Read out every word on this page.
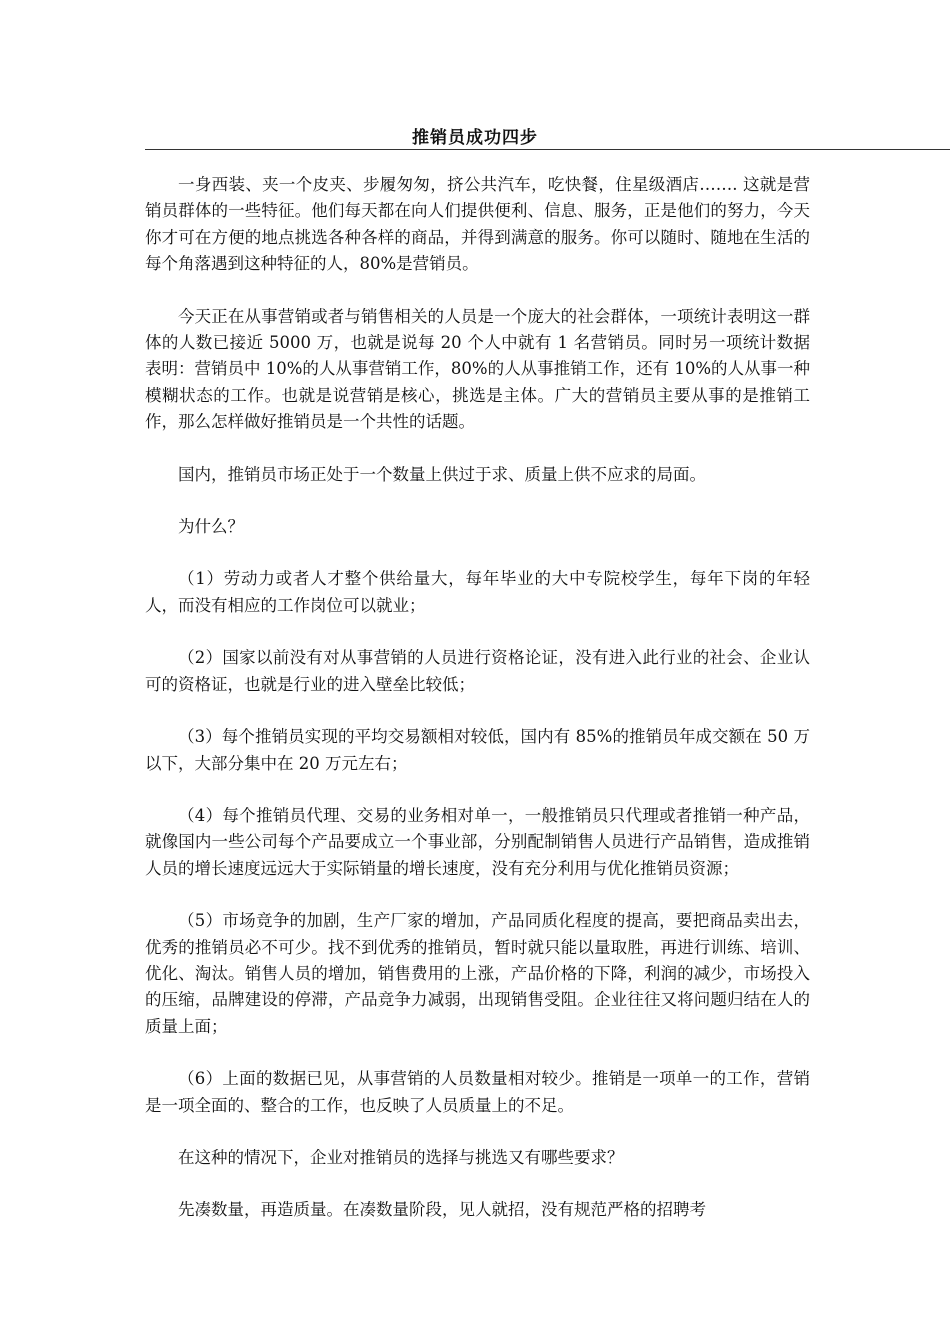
推销员成功四步

一身西装、夹一个皮夹、步履匆匆，挤公共汽车，吃快餐，住星级酒店……. 这就是营销员群体的一些特征。他们每天都在向人们提供便利、信息、服务，正是他们的努力，今天你才可在方便的地点挑选各种各样的商品，并得到满意的服务。你可以随时、随地在生活的每个角落遇到这种特征的人，80%是营销员。

今天正在从事营销或者与销售相关的人员是一个庞大的社会群体，一项统计表明这一群体的人数已接近 5000 万，也就是说每 20 个人中就有 1 名营销员。同时另一项统计数据表明：营销员中 10%的人从事营销工作，80%的人从事推销工作，还有 10%的人从事一种模糊状态的工作。也就是说营销是核心，挑选是主体。广大的营销员主要从事的是推销工作，那么怎样做好推销员是一个共性的话题。

国内，推销员市场正处于一个数量上供过于求、质量上供不应求的局面。

为什么？

（1）劳动力或者人才整个供给量大，每年毕业的大中专院校学生，每年下岗的年轻人，而没有相应的工作岗位可以就业；

（2）国家以前没有对从事营销的人员进行资格论证，没有进入此行业的社会、企业认可的资格证，也就是行业的进入壁垒比较低；

（3）每个推销员实现的平均交易额相对较低，国内有 85%的推销员年成交额在 50 万以下，大部分集中在 20 万元左右；

（4）每个推销员代理、交易的业务相对单一，一般推销员只代理或者推销一种产品，就像国内一些公司每个产品要成立一个事业部，分别配制销售人员进行产品销售，造成推销人员的增长速度远远大于实际销量的增长速度，没有充分利用与优化推销员资源；

（5）市场竞争的加剧，生产厂家的增加，产品同质化程度的提高，要把商品卖出去，优秀的推销员必不可少。找不到优秀的推销员，暂时就只能以量取胜，再进行训练、培训、优化、淘汰。销售人员的增加，销售费用的上涨，产品价格的下降，利润的减少，市场投入的压缩，品牌建设的停滞，产品竞争力减弱，出现销售受阻。企业往往又将问题归结在人的质量上面；

（6）上面的数据已见，从事营销的人员数量相对较少。推销是一项单一的工作，营销是一项全面的、整合的工作，也反映了人员质量上的不足。

在这种的情况下，企业对推销员的选择与挑选又有哪些要求？

先凑数量，再造质量。在凑数量阶段，见人就招，没有规范严格的招聘考
